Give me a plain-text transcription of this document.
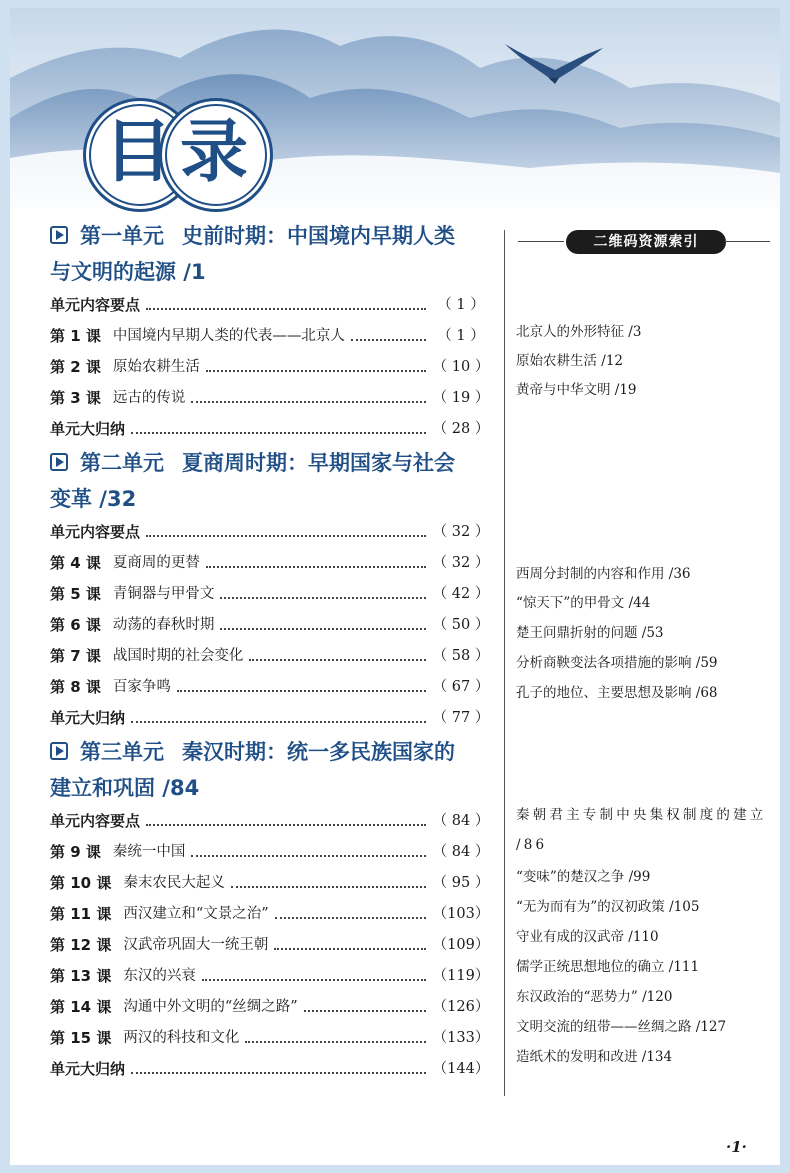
目 录
第一单元 史前时期：中国境内早期人类
与文明的起源 /1
单元内容要点	（ 1 ）
第 1 课 中国境内早期人类的代表——北京人	（ 1 ）
第 2 课 原始农耕生活	（ 10 ）
第 3 课 远古的传说	（ 19 ）
单元大归纳	（ 28 ）
第二单元 夏商周时期：早期国家与社会
变革 /32
单元内容要点	（ 32 ）
第 4 课 夏商周的更替	（ 32 ）
第 5 课 青铜器与甲骨文	（ 42 ）
第 6 课 动荡的春秋时期	（ 50 ）
第 7 课 战国时期的社会变化	（ 58 ）
第 8 课 百家争鸣	（ 67 ）
单元大归纳	（ 77 ）
第三单元 秦汉时期：统一多民族国家的
建立和巩固 /84
单元内容要点	（ 84 ）
第 9 课 秦统一中国	（ 84 ）
第 10 课 秦末农民大起义	（ 95 ）
第 11 课 西汉建立和“文景之治”	（103）
第 12 课 汉武帝巩固大一统王朝	（109）
第 13 课 东汉的兴衰	（119）
第 14 课 沟通中外文明的“丝绸之路”	（126）
第 15 课 两汉的科技和文化	（133）
单元大归纳	（144）
二维码资源索引
北京人的外形特征 /3
原始农耕生活 /12
黄帝与中华文明 /19
西周分封制的内容和作用 /36
“惊天下”的甲骨文 /44
楚王问鼎折射的问题 /53
分析商鞅变法各项措施的影响 /59
孔子的地位、主要思想及影响 /68
秦朝君主专制中央集权制度的建立 /86
“变味”的楚汉之争 /99
“无为而有为”的汉初政策 /105
守业有成的汉武帝 /110
儒学正统思想地位的确立 /111
东汉政治的“恶势力” /120
文明交流的纽带——丝绸之路 /127
造纸术的发明和改进 /134
·1·
